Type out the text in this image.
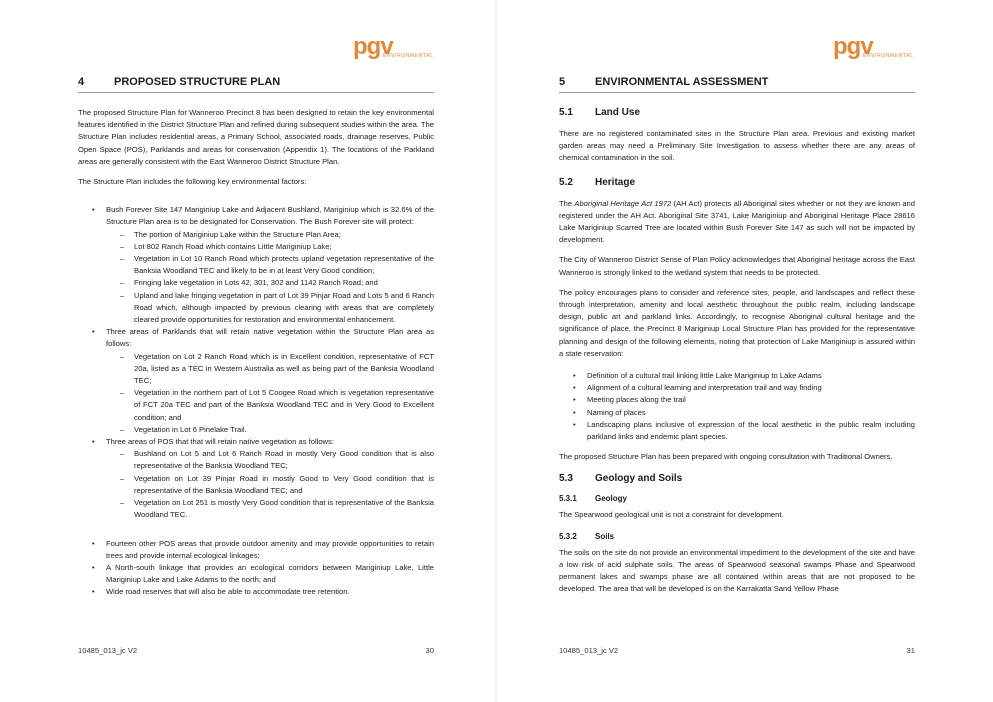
pgv
ENVIRONMENTAL
4	PROPOSED STRUCTURE PLAN

The proposed Structure Plan for Wanneroo Precinct 8 has been designed to retain the key environmental features identified in the District Structure Plan and refined during subsequent studies within the area. The Structure Plan includes residential areas, a Primary School, associated roads, drainage reserves, Public Open Space (POS), Parklands and areas for conservation (Appendix 1). The locations of the Parkland areas are generally consistent with the East Wanneroo District Structure Plan.

The Structure Plan includes the following key environmental factors:

• Bush Forever Site 147 Mariginiup Lake and Adjacent Bushland, Mariginiup which is 32.6% of the Structure Plan area is to be designated for Conservation. The Bush Forever site will protect:
– The portion of Mariginiup Lake within the Structure Plan Area;
– Lot 802 Ranch Road which contains Little Mariginiup Lake;
– Vegetation in Lot 10 Ranch Road which protects upland vegetation representative of the Banksia Woodland TEC and likely to be in at least Very Good condition;
– Fringing lake vegetation in Lots 42, 301, 302 and 1142 Ranch Road; and
– Upland and lake fringing vegetation in part of Lot 39 Pinjar Road and Lots 5 and 6 Ranch Road which, although impacted by previous clearing with areas that are completely cleared provide opportunities for restoration and environmental enhancement.
• Three areas of Parklands that will retain native vegetation within the Structure Plan area as follows:
– Vegetation on Lot 2 Ranch Road which is in Excellent condition, representative of FCT 20a, listed as a TEC in Western Australia as well as being part of the Banksia Woodland TEC;
– Vegetation in the northern part of Lot 5 Coogee Road which is vegetation representative of FCT 20a TEC and part of the Banksia Woodland TEC and in Very Good to Excellent condition; and
– Vegetation in Lot 6 Pinelake Trail.
• Three areas of POS that that will retain native vegetation as follows:
– Bushland on Lot 5 and Lot 6 Ranch Road in mostly Very Good condition that is also representative of the Banksia Woodland TEC;
– Vegetation on Lot 39 Pinjar Road in mostly Good to Very Good condition that is representative of the Banksia Woodland TEC; and
– Vegetation on Lot 251 is mostly Very Good condition that is representative of the Banksia Woodland TEC.
• Fourteen other POS areas that provide outdoor amenity and may provide opportunities to retain trees and provide internal ecological linkages;
• A North-south linkage that provides an ecological corridors between Mariginiup Lake, Little Mariginiup Lake and Lake Adams to the north; and
• Wide road reserves that will also be able to accommodate tree retention.
10485_013_jc V2	30
pgv
ENVIRONMENTAL
5	ENVIRONMENTAL ASSESSMENT
5.1	Land Use

There are no registered contaminated sites in the Structure Plan area. Previous and existing market garden areas may need a Preliminary Site Investigation to assess whether there are any areas of chemical contamination in the soil.

5.2	Heritage

The Aboriginal Heritage Act 1972 (AH Act) protects all Aboriginal sites whether or not they are known and registered under the AH Act. Aboriginal Site 3741, Lake Mariginiup and Aboriginal Heritage Place 28616 Lake Mariginiup Scarred Tree are located within Bush Forever Site 147 as such will not be impacted by development.

The City of Wanneroo District Sense of Plan Policy acknowledges that Aboriginal heritage across the East Wanneroo is strongly linked to the wetland system that needs to be protected.

The policy encourages plans to consider and reference sites, people, and landscapes and reflect these through interpretation, amenity and local aesthetic throughout the public realm, including landscape design, public art and parkland links. Accordingly, to recognise Aboriginal cultural heritage and the significance of place, the Precinct 8 Mariginiup Local Structure Plan has provided for the representative planning and design of the following elements, noting that protection of Lake Mariginiup is assured within a state reservation:

• Definition of a cultural trail linking little Lake Mariginiup to Lake Adams
• Alignment of a cultural learning and interpretation trail and way finding
• Meeting places along the trail
• Naming of places
• Landscaping plans inclusive of expression of the local aesthetic in the public realm including parkland links and endemic plant species.

The proposed Structure Plan has been prepared with ongoing consultation with Traditional Owners.

5.3	Geology and Soils
5.3.1	Geology

The Spearwood geological unit is not a constraint for development.

5.3.2	Soils

The soils on the site do not provide an environmental impediment to the development of the site and have a low risk of acid sulphate soils. The areas of Spearwood seasonal swamps Phase and Spearwood permanent lakes and swamps phase are all contained within areas that are not proposed to be developed. The area that will be developed is on the Karrakatta Sand Yellow Phase

10485_013_jc V2	31
